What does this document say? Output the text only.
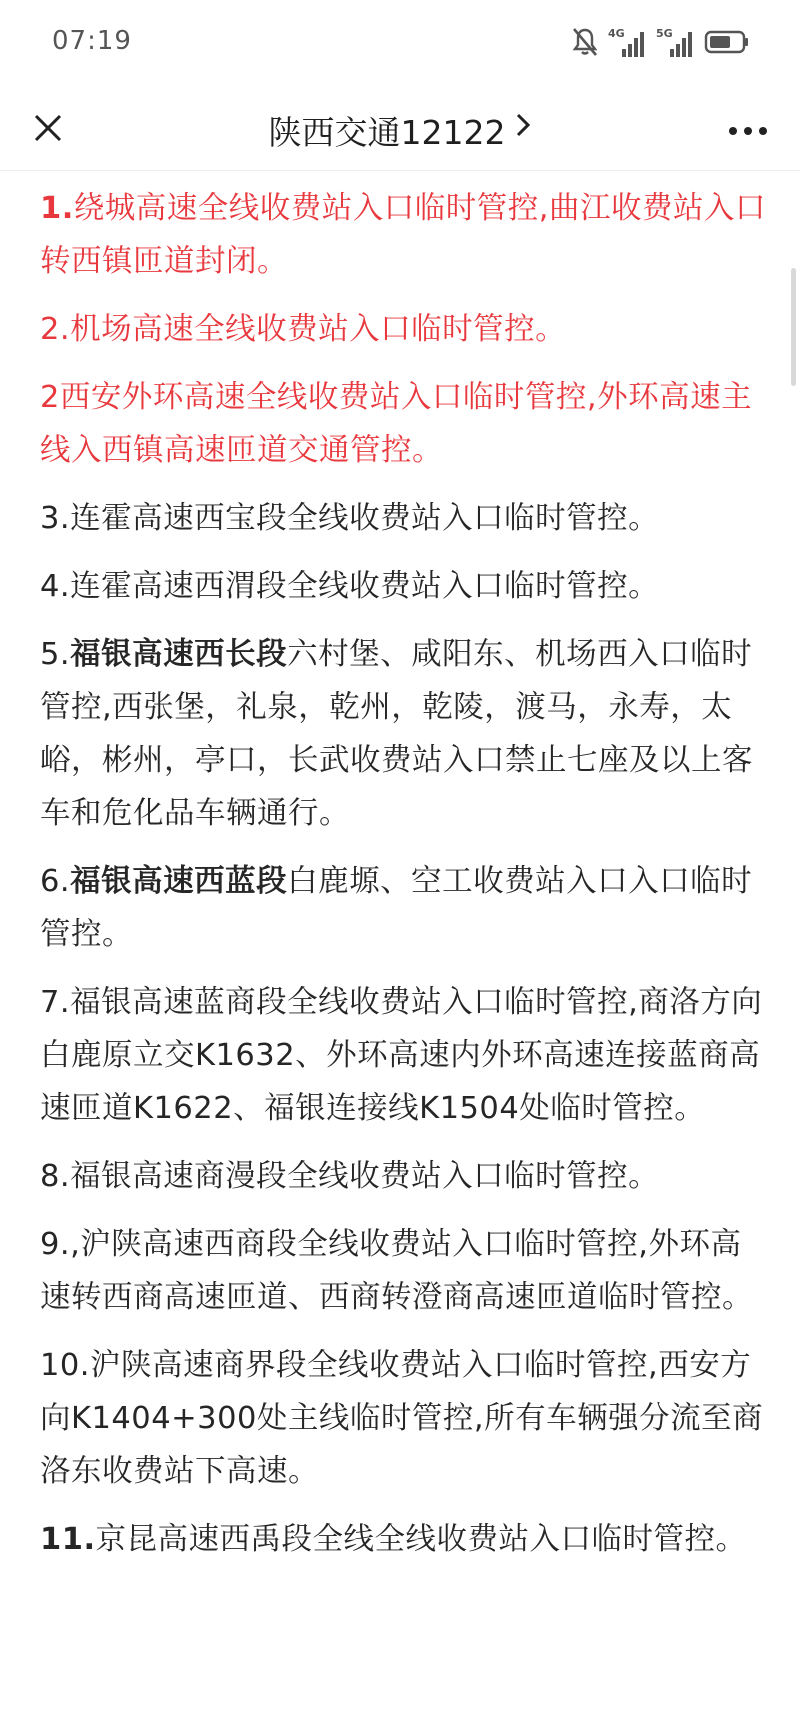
07:19	4G	5G
陕西交通12122

1.绕城高速全线收费站入口临时管控,曲江收费站入口转西镇匝道封闭。

2.机场高速全线收费站入口临时管控。

2西安外环高速全线收费站入口临时管控,外环高速主线入西镇高速匝道交通管控。

3.连霍高速西宝段全线收费站入口临时管控。

4.连霍高速西渭段全线收费站入口临时管控。

5.福银高速西长段六村堡、咸阳东、机场西入口临时管控,西张堡，礼泉，乾州，乾陵，渡马，永寿，太峪，彬州，亭口，长武收费站入口禁止七座及以上客车和危化品车辆通行。

6.福银高速西蓝段白鹿塬、空工收费站入口入口临时管控。

7.福银高速蓝商段全线收费站入口临时管控,商洛方向白鹿原立交K1632、外环高速内外环高速连接蓝商高速匝道K1622、福银连接线K1504处临时管控。

8.福银高速商漫段全线收费站入口临时管控。

9.,沪陕高速西商段全线收费站入口临时管控,外环高速转西商高速匝道、西商转澄商高速匝道临时管控。

10.沪陕高速商界段全线收费站入口临时管控,西安方向K1404+300处主线临时管控,所有车辆强分流至商洛东收费站下高速。

11.京昆高速西禹段全线全线收费站入口临时管控。
